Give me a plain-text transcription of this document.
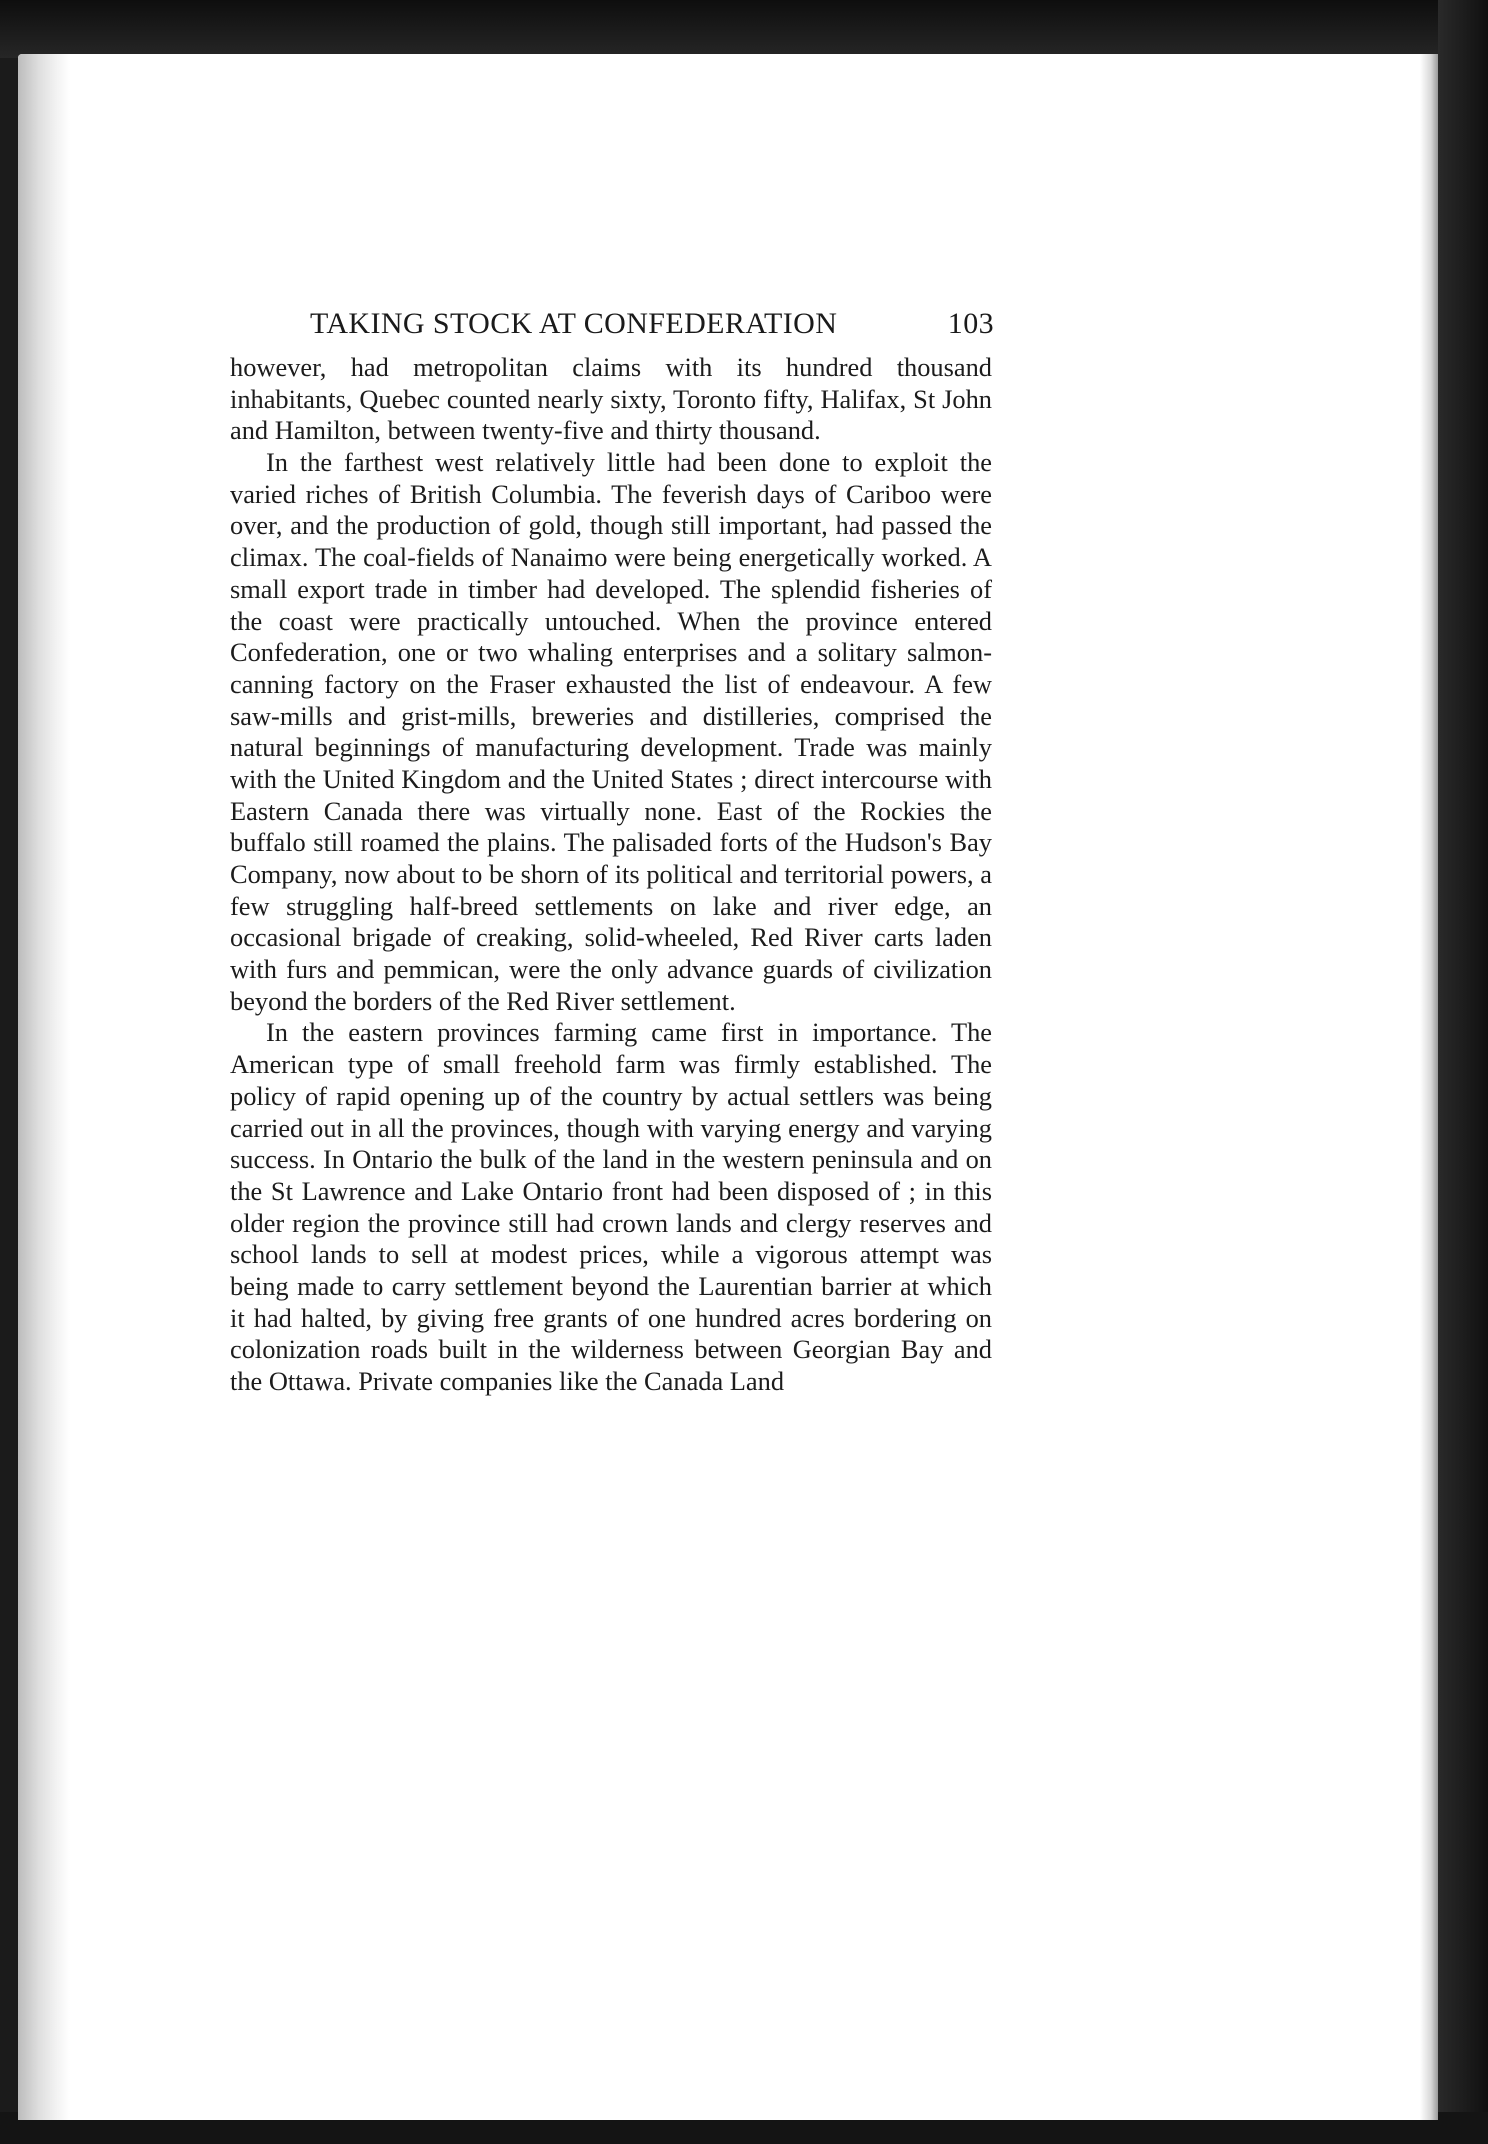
TAKING STOCK AT CONFEDERATION	103

however, had metropolitan claims with its hundred thousand inhabitants, Quebec counted nearly sixty, Toronto fifty, Halifax, St John and Hamilton, between twenty-five and thirty thousand.

In the farthest west relatively little had been done to exploit the varied riches of British Columbia. The feverish days of Cariboo were over, and the production of gold, though still important, had passed the climax. The coal-fields of Nanaimo were being energetically worked. A small export trade in timber had developed. The splendid fisheries of the coast were practically untouched. When the province entered Confederation, one or two whaling enterprises and a solitary salmon-canning factory on the Fraser exhausted the list of endeavour. A few saw-mills and grist-mills, breweries and distilleries, comprised the natural beginnings of manufacturing development. Trade was mainly with the United Kingdom and the United States ; direct intercourse with Eastern Canada there was virtually none. East of the Rockies the buffalo still roamed the plains. The palisaded forts of the Hudson's Bay Company, now about to be shorn of its political and territorial powers, a few struggling half-breed settlements on lake and river edge, an occasional brigade of creaking, solid-wheeled, Red River carts laden with furs and pemmican, were the only advance guards of civilization beyond the borders of the Red River settlement.

In the eastern provinces farming came first in importance. The American type of small freehold farm was firmly established. The policy of rapid opening up of the country by actual settlers was being carried out in all the provinces, though with varying energy and varying success. In Ontario the bulk of the land in the western peninsula and on the St Lawrence and Lake Ontario front had been disposed of ; in this older region the province still had crown lands and clergy reserves and school lands to sell at modest prices, while a vigorous attempt was being made to carry settlement beyond the Laurentian barrier at which it had halted, by giving free grants of one hundred acres bordering on colonization roads built in the wilderness between Georgian Bay and the Ottawa. Private companies like the Canada Land
